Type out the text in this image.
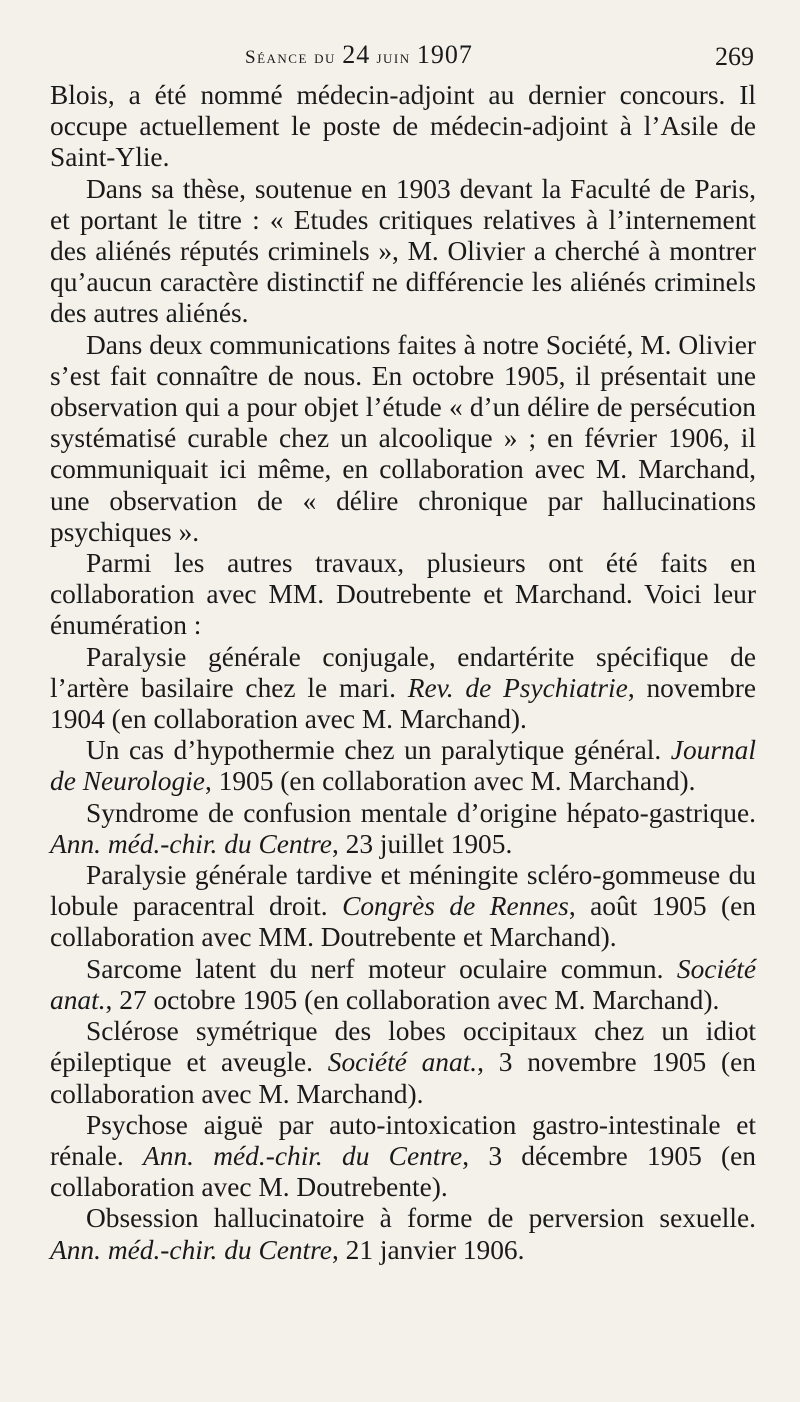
Séance du 24 juin 1907	269

Blois, a été nommé médecin-adjoint au dernier concours. Il occupe actuellement le poste de médecin-adjoint à l’Asile de Saint-Ylie.

Dans sa thèse, soutenue en 1903 devant la Faculté de Paris, et portant le titre : « Etudes critiques relatives à l’internement des aliénés réputés criminels », M. Olivier a cherché à montrer qu’aucun caractère distinctif ne différencie les aliénés criminels des autres aliénés.

Dans deux communications faites à notre Société, M. Olivier s’est fait connaître de nous. En octobre 1905, il présentait une observation qui a pour objet l’étude « d’un délire de persécution systématisé curable chez un alcoolique » ; en février 1906, il communiquait ici même, en collaboration avec M. Marchand, une observation de « délire chronique par hallucinations psychiques ».

Parmi les autres travaux, plusieurs ont été faits en collaboration avec MM. Doutrebente et Marchand. Voici leur énumération :

Paralysie générale conjugale, endartérite spécifique de l’artère basilaire chez le mari. Rev. de Psychiatrie, novembre 1904 (en collaboration avec M. Marchand).

Un cas d’hypothermie chez un paralytique général. Journal de Neurologie, 1905 (en collaboration avec M. Marchand).

Syndrome de confusion mentale d’origine hépato-gastrique. Ann. méd.-chir. du Centre, 23 juillet 1905.

Paralysie générale tardive et méningite scléro-gommeuse du lobule paracentral droit. Congrès de Rennes, août 1905 (en collaboration avec MM. Doutrebente et Marchand).

Sarcome latent du nerf moteur oculaire commun. Société anat., 27 octobre 1905 (en collaboration avec M. Marchand).

Sclérose symétrique des lobes occipitaux chez un idiot épileptique et aveugle. Société anat., 3 novembre 1905 (en collaboration avec M. Marchand).

Psychose aiguë par auto-intoxication gastro-intestinale et rénale. Ann. méd.-chir. du Centre, 3 décembre 1905 (en collaboration avec M. Doutrebente).

Obsession hallucinatoire à forme de perversion sexuelle. Ann. méd.-chir. du Centre, 21 janvier 1906.
